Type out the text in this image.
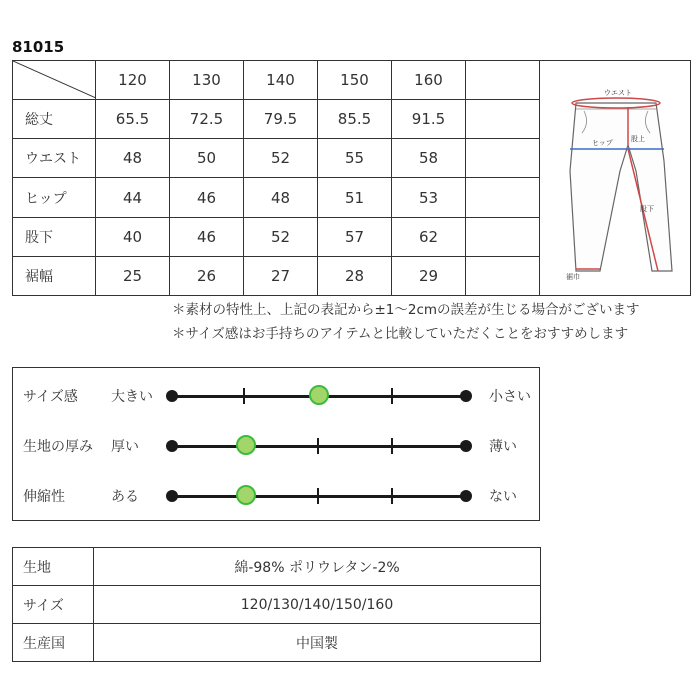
81015
	120	130	140	150	160		ウエスト
ヒップ 股上
股下
裾巾

総丈	65.5	72.5	79.5	85.5	91.5		
ウエスト	48	50	52	55	58		
ヒップ	44	46	48	51	53		
股下	40	46	52	57	62		
裾幅	25	26	27	28	29		
＊素材の特性上、上記の表記から±1〜2cmの誤差が生じる場合がございます
＊サイズ感はお手持ちのアイテムと比較していただくことをおすすめします
サイズ感 大きい	小さい
生地の厚み 厚い	薄い
伸縮性	ある	ない
生地	綿-98% ポリウレタン-2%
サイズ	120/130/140/150/160
生産国	中国製
